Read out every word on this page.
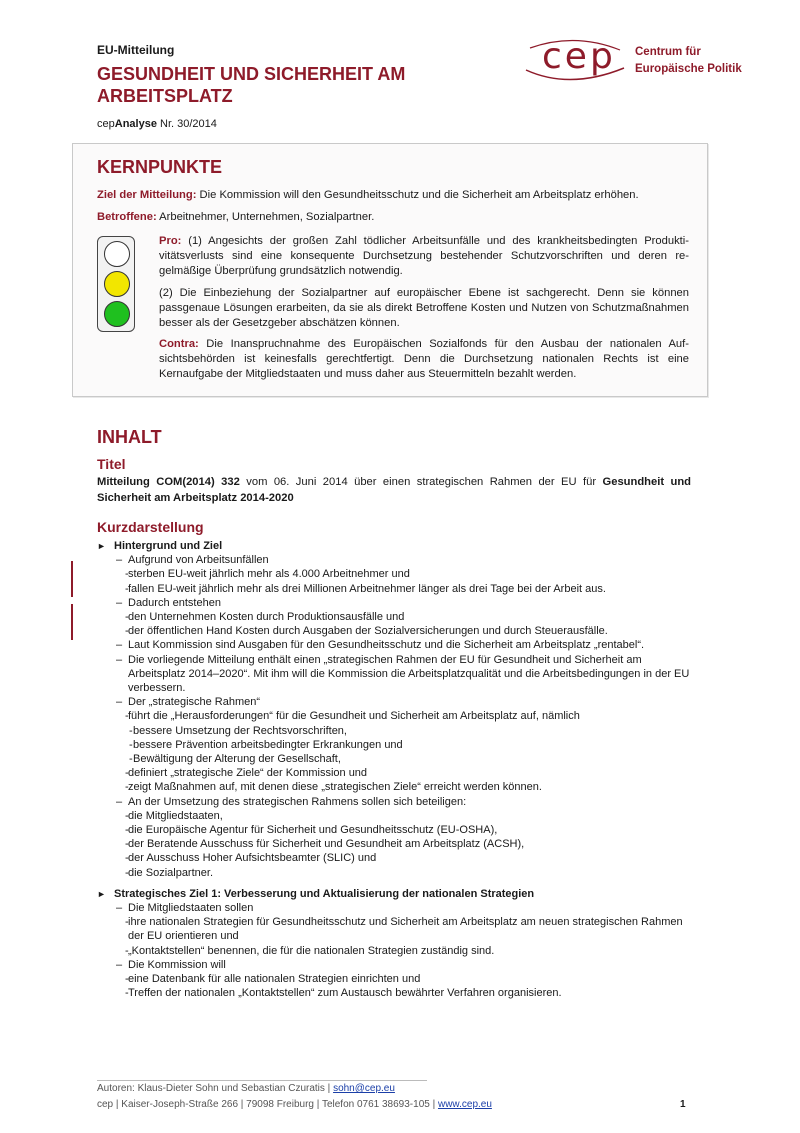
EU-Mitteilung
GESUNDHEIT UND SICHERHEIT AM ARBEITSPLATZ
cepAnalyse Nr. 30/2014
cep Centrum für
Europäische Politik
KERNPUNKTE
Ziel der Mitteilung: Die Kommission will den Gesundheitsschutz und die Sicherheit am Arbeitsplatz erhöhen.
Betroffene: Arbeitnehmer, Unternehmen, Sozialpartner.
Pro: (1) Angesichts der großen Zahl tödlicher Arbeitsunfälle und des krankheitsbedingten Produktivitätsverlusts sind eine konsequente Durchsetzung bestehender Schutzvorschriften und deren regelmäßige Überprüfung grundsätzlich notwendig.
(2) Die Einbeziehung der Sozialpartner auf europäischer Ebene ist sachgerecht. Denn sie können passgenaue Lösungen erarbeiten, da sie als direkt Betroffene Kosten und Nutzen von Schutzmaßnahmen besser als der Gesetzgeber abschätzen können.
Contra: Die Inanspruchnahme des Europäischen Sozialfonds für den Ausbau der nationalen Aufsichtsbehörden ist keinesfalls gerechtfertigt. Denn die Durchsetzung nationalen Rechts ist eine Kernaufgabe der Mitgliedstaaten und muss daher aus Steuermitteln bezahlt werden.
INHALT
Titel
Mitteilung COM(2014) 332 vom 06. Juni 2014 über einen strategischen Rahmen der EU für Gesundheit und Sicherheit am Arbeitsplatz 2014-2020
Kurzdarstellung
► Hintergrund und Ziel
– Aufgrund von Arbeitsunfällen
- sterben EU-weit jährlich mehr als 4.000 Arbeitnehmer und
- fallen EU-weit jährlich mehr als drei Millionen Arbeitnehmer länger als drei Tage bei der Arbeit aus.
– Dadurch entstehen
- den Unternehmen Kosten durch Produktionsausfälle und
- der öffentlichen Hand Kosten durch Ausgaben der Sozialversicherungen und durch Steuerausfälle.
– Laut Kommission sind Ausgaben für den Gesundheitsschutz und die Sicherheit am Arbeitsplatz „rentabel“.
– Die vorliegende Mitteilung enthält einen „strategischen Rahmen der EU für Gesundheit und Sicherheit am Arbeitsplatz 2014–2020“. Mit ihm will die Kommission die Arbeitsplatzqualität und die Arbeitsbedingungen in der EU verbessern.
– Der „strategische Rahmen“
- führt die „Herausforderungen“ für die Gesundheit und Sicherheit am Arbeitsplatz auf, nämlich
- bessere Umsetzung der Rechtsvorschriften,
- bessere Prävention arbeitsbedingter Erkrankungen und
- Bewältigung der Alterung der Gesellschaft,
- definiert „strategische Ziele“ der Kommission und
- zeigt Maßnahmen auf, mit denen diese „strategischen Ziele“ erreicht werden können.
– An der Umsetzung des strategischen Rahmens sollen sich beteiligen:
- die Mitgliedstaaten,
- die Europäische Agentur für Sicherheit und Gesundheitsschutz (EU-OSHA),
- der Beratende Ausschuss für Sicherheit und Gesundheit am Arbeitsplatz (ACSH),
- der Ausschuss Hoher Aufsichtsbeamter (SLIC) und
- die Sozialpartner.
► Strategisches Ziel 1: Verbesserung und Aktualisierung der nationalen Strategien
– Die Mitgliedstaaten sollen
- ihre nationalen Strategien für Gesundheitsschutz und Sicherheit am Arbeitsplatz am neuen strategischen Rahmen der EU orientieren und
- „Kontaktstellen“ benennen, die für die nationalen Strategien zuständig sind.
– Die Kommission will
- eine Datenbank für alle nationalen Strategien einrichten und
- Treffen der nationalen „Kontaktstellen“ zum Austausch bewährter Verfahren organisieren.
Autoren: Klaus-Dieter Sohn und Sebastian Czuratis | sohn@cep.eu
cep | Kaiser-Joseph-Straße 266 | 79098 Freiburg | Telefon 0761 38693-105 | www.cep.eu	1
